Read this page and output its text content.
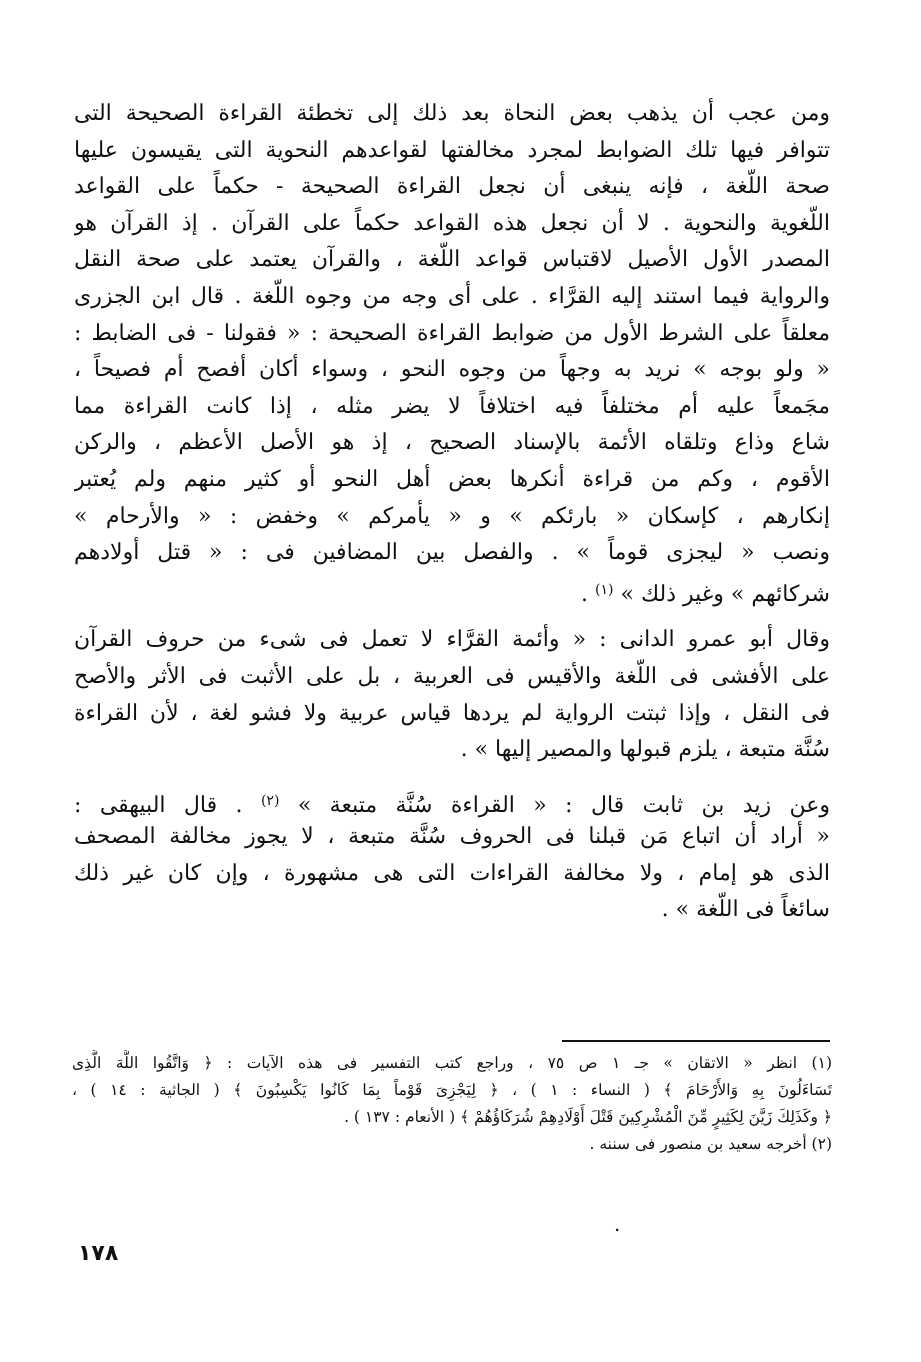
ومن عجب أن يذهب بعض النحاة بعد ذلك إلى تخطئة القراءة الصحيحة التى
تتوافر فيها تلك الضوابط لمجرد مخالفتها لقواعدهم النحوية التى يقيسون عليها
صحة اللُّغة ، فإنه ينبغى أن نجعل القراءة الصحيحة - حكماً على القواعد
اللُّغوية والنحوية . لا أن نجعل هذه القواعد حكماً على القرآن . إذ القرآن هو
المصدر الأول الأصيل لاقتباس قواعد اللُّغة ، والقرآن يعتمد على صحة النقل
والرواية فيما استند إليه القرَّاء . على أى وجه من وجوه اللُّغة . قال ابن الجزرى
معلقاً على الشرط الأول من ضوابط القراءة الصحيحة : « فقولنا - فى الضابط :
« ولو بوجه » نريد به وجهاً من وجوه النحو ، وسواء أكان أفصح أم فصيحاً ،
مجَمعاً عليه أم مختلفاً فيه اختلافاً لا يضر مثله ، إذا كانت القراءة مما
شاع وذاع وتلقاه الأئمة بالإسناد الصحيح ، إذ هو الأصل الأعظم ، والركن
الأقوم ، وكم من قراءة أنكرها بعض أهل النحو أو كثير منهم ولم يُعتبر
إنكارهم ، كإسكان « بارئكم » و « يأمركم » وخفض : « والأرحام »
ونصب « ليجزى قوماً » . والفصل بين المضافين فى : « قتل أولادهم
شركائهم » وغير ذلك » $^{(١)}$ .
وقال أبو عمرو الدانى : « وأئمة القرَّاء لا تعمل فى شىء من حروف القرآن
على الأفشى فى اللُّغة والأقيس فى العربية ، بل على الأثبت فى الأثر والأصح
فى النقل ، وإذا ثبتت الرواية لم يردها قياس عربية ولا فشو لغة ، لأن القراءة
سُنَّة متبعة ، يلزم قبولها والمصير إليها » .
وعن زيد بن ثابت قال : « القراءة سُنَّة متبعة » $^{(٢)}$ . قال البيهقى :
« أراد أن اتباع مَن قبلنا فى الحروف سُنَّة متبعة ، لا يجوز مخالفة المصحف
الذى هو إمام ، ولا مخالفة القراءات التى هى مشهورة ، وإن كان غير ذلك
سائغاً فى اللُّغة » .
(١) انظر « الاتقان » جـ ١ ص ٧٥ ، وراجع كتب التفسير فى هذه الآيات : ﴿ وَاتَّقُوا اللَّهَ الَّذِى
تَسَاءَلُونَ بِهِ وَالأَرْحَامَ ﴾ ( النساء : ١ ) ، ﴿ لِيَجْزِىَ قَوْماً بِمَا كَانُوا يَكْسِبُونَ ﴾ ( الجاثية : ١٤ ) ،
﴿ وكَذَلِكَ زَيَّنَ لِكَثِيرٍ مِّنَ الْمُشْرِكِينَ قَتْلَ أَوْلَادِهِمْ شُرَكَاؤُهُمْ ﴾ ( الأنعام : ١٣٧ ) .
(٢) أخرجه سعيد بن منصور فى سننه .
.
١٧٨
